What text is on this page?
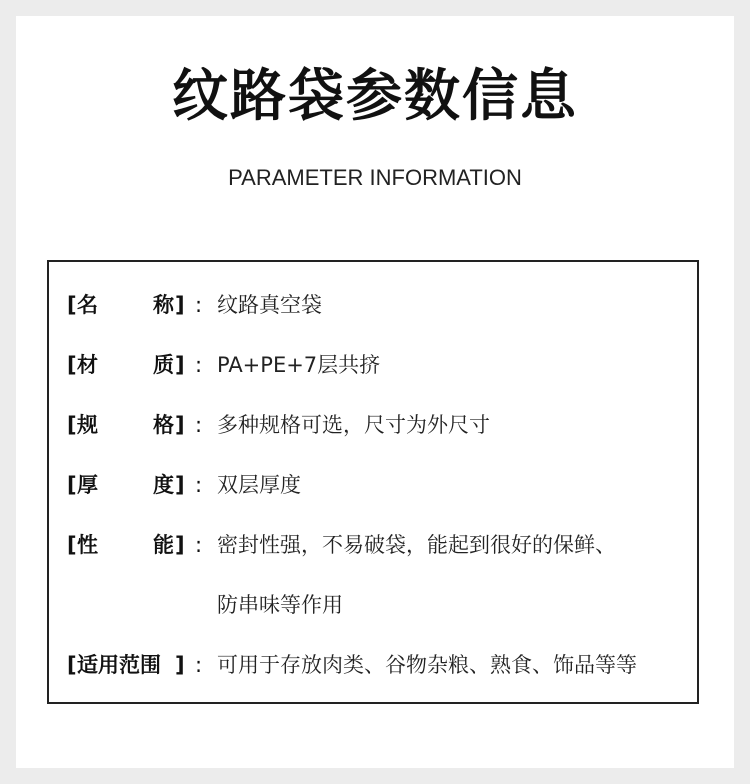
纹路袋参数信息
PARAMETER INFORMATION
[ 名	称 ] : 纹路真空袋
[ 材	质 ] : PA+PE+7层共挤
[ 规	格 ] : 多种规格可选，尺寸为外尺寸
[ 厚	度 ] : 双层厚度
[ 性	能 ] : 密封性强，不易破袋，能起到很好的保鲜、
防串味等作用
[ 适用范围 ] : 可用于存放肉类、谷物杂粮、熟食、饰品等等
